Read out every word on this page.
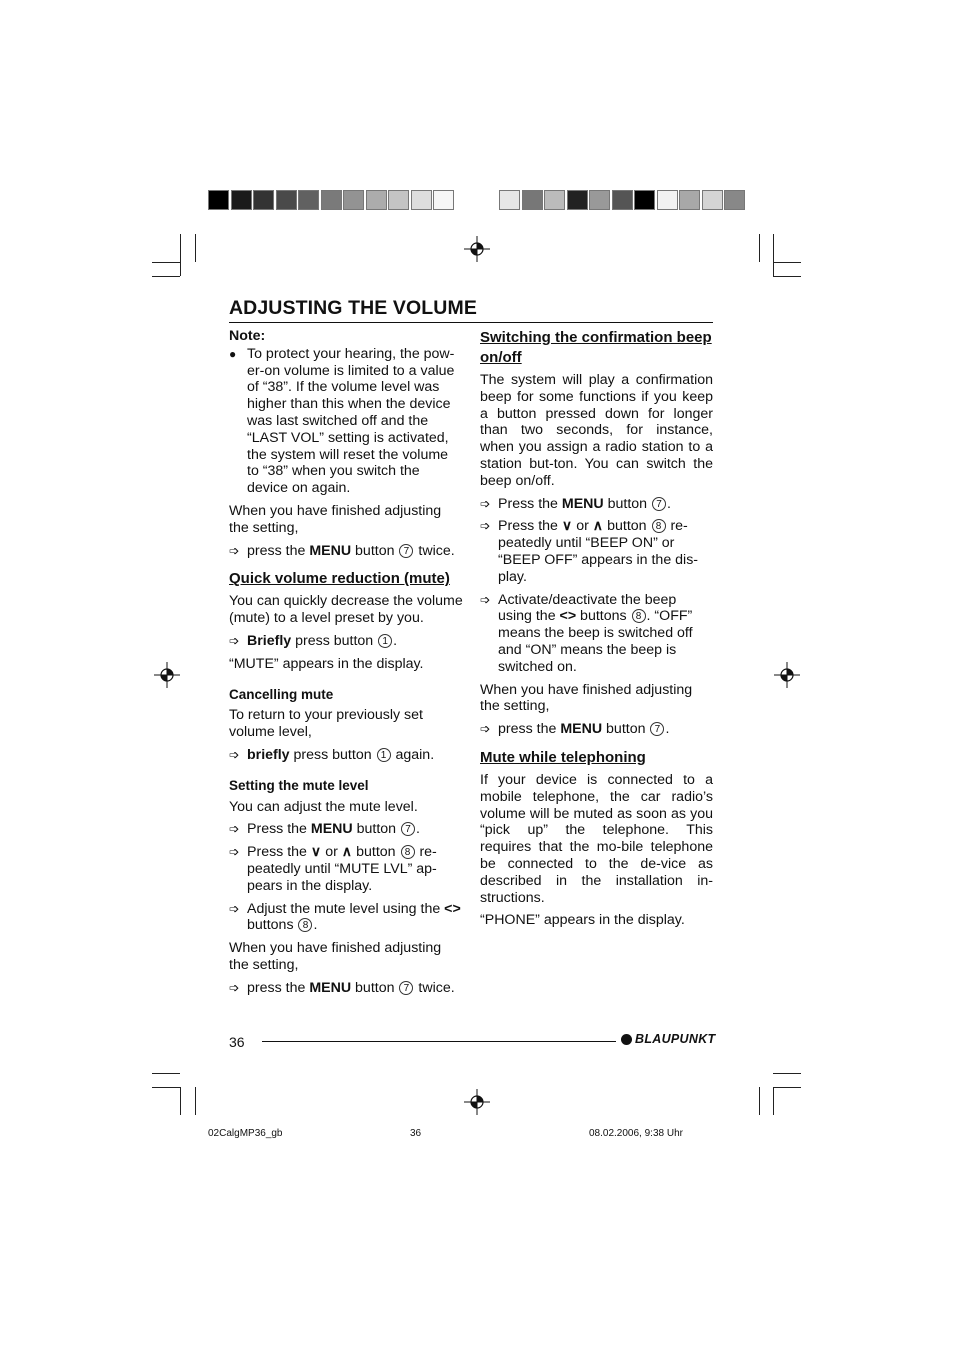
ADJUSTING THE VOLUME

Note:

● To protect your hearing, the pow-er-on volume is limited to a value of “38”. If the volume level was higher than this when the device was last switched off and the “LAST VOL” setting is activated, the system will reset the volume to “38” when you switch the device on again.

When you have finished adjusting the setting,

➩ press the MENU button 7 twice.
Quick volume reduction (mute)

You can quickly decrease the volume (mute) to a level preset by you.

➩ Briefly press button 1 .

“MUTE” appears in the display.

Cancelling mute

To return to your previously set volume level,

➩ briefly press button 1 again.
Setting the mute level

You can adjust the mute level.

➩ Press the MENU button 7 .
➩ Press the ∨ or ∧ button 8 re-peatedly until “MUTE LVL” ap-pears in the display.
➩ Adjust the mute level using the <> buttons 8 .

When you have finished adjusting the setting,

➩ press the MENU button 7 twice.
Switching the confirmation beep on/off

The system will play a confirmation beep for some functions if you keep a button pressed down for longer than two seconds, for instance, when you assign a radio station to a station but-ton. You can switch the beep on/off.

➩ Press the MENU button 7 .
➩ Press the ∨ or ∧ button 8 re-peatedly until “BEEP ON” or “BEEP OFF” appears in the dis-play.
➩ Activate/deactivate the beep using the <> buttons 8 . “OFF” means the beep is switched off and “ON” means the beep is switched on.

When you have finished adjusting the setting,

➩ press the MENU button 7 .
Mute while telephoning

If your device is connected to a mobile telephone, the car radio’s volume will be muted as soon as you “pick up” the telephone. This requires that the mo-bile telephone be connected to the de-vice as described in the installation in-structions.

“PHONE” appears in the display.

36	BLAUPUNKT
02CalgMP36_gb	36	08.02.2006, 9:38 Uhr
